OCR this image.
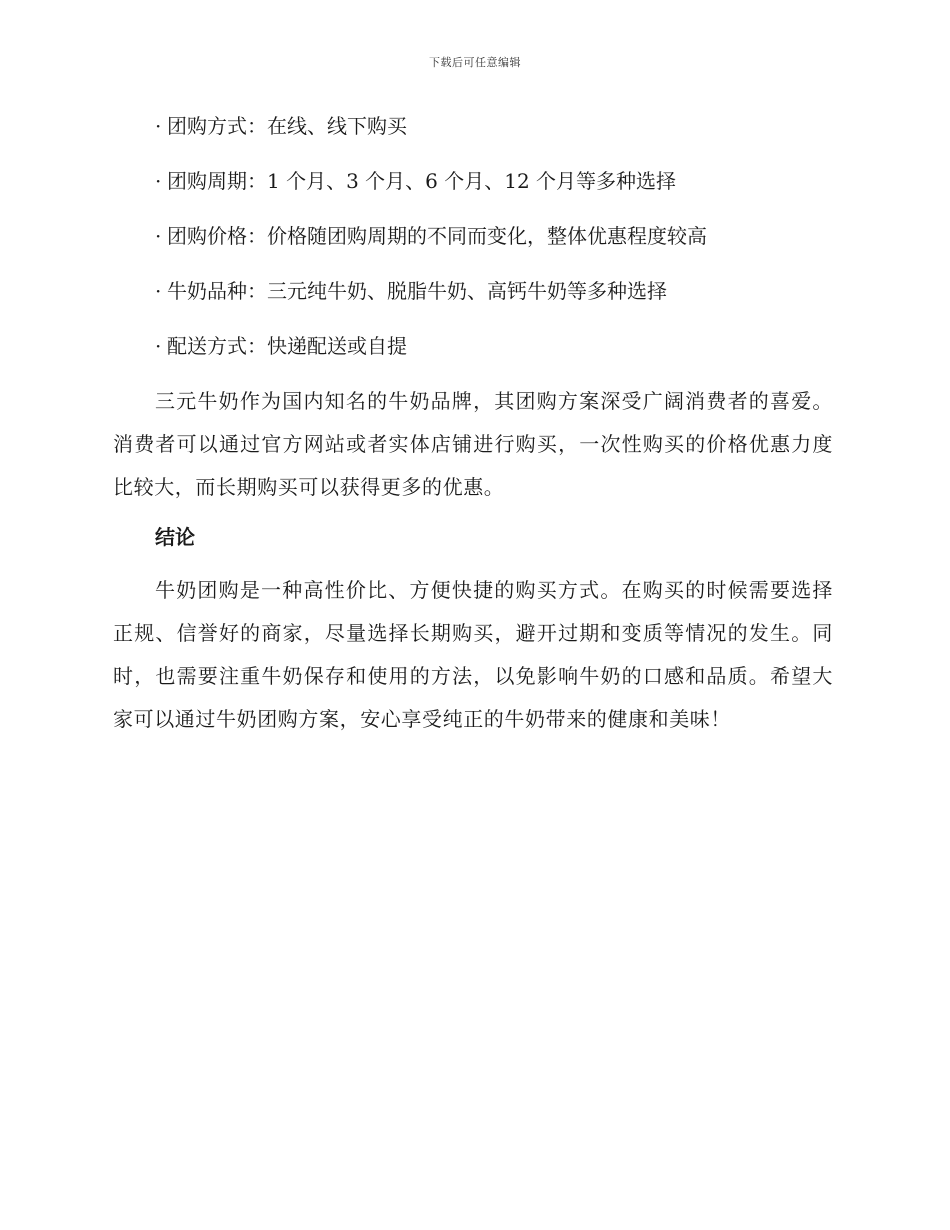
下载后可任意编辑
· 团购方式：在线、线下购买
· 团购周期：1 个月、3 个月、6 个月、12 个月等多种选择
· 团购价格：价格随团购周期的不同而变化，整体优惠程度较高
· 牛奶品种：三元纯牛奶、脱脂牛奶、高钙牛奶等多种选择
· 配送方式：快递配送或自提

三元牛奶作为国内知名的牛奶品牌，其团购方案深受广阔消费者的喜爱。消费者可以通过官方网站或者实体店铺进行购买，一次性购买的价格优惠力度比较大，而长期购买可以获得更多的优惠。

结论

牛奶团购是一种高性价比、方便快捷的购买方式。在购买的时候需要选择正规、信誉好的商家，尽量选择长期购买，避开过期和变质等情况的发生。同时，也需要注重牛奶保存和使用的方法，以免影响牛奶的口感和品质。希望大家可以通过牛奶团购方案，安心享受纯正的牛奶带来的健康和美味！
